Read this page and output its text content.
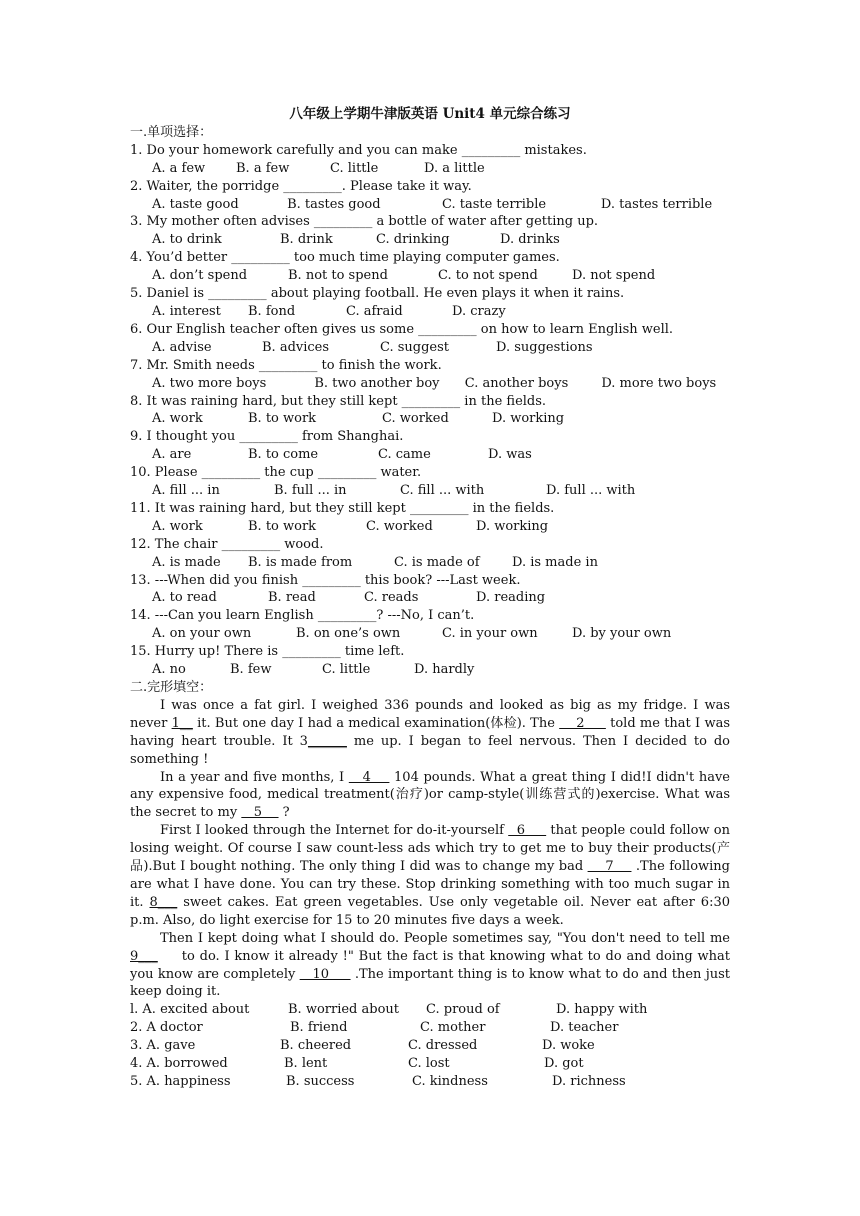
八年级上学期牛津版英语 Unit4 单元综合练习
一.单项选择：
1. Do your homework carefully and you can make _________ mistakes.
A. a few	B. a few	C. little	D. a little
2. Waiter, the porridge _________. Please take it way.
A. taste good	B. tastes good	C. taste terrible	D. tastes terrible
3. My mother often advises _________ a bottle of water after getting up.
A. to drink	B. drink	C. drinking	D. drinks
4. You’d better _________ too much time playing computer games.
A. don’t spend	B. not to spend	C. to not spend	D. not spend
5. Daniel is _________ about playing football. He even plays it when it rains.
A. interest	B. fond	C. afraid	D. crazy
6. Our English teacher often gives us some _________ on how to learn English well.
A. advise	B. advices	C. suggest	D. suggestions
7. Mr. Smith needs _________ to finish the work.
A. two more boys	B. two another boy	C. another boys	D. more two boys
8. It was raining hard, but they still kept _________ in the fields.
A. work	B. to work	C. worked	D. working
9. I thought you _________ from Shanghai.
A. are	B. to come	C. came	D. was
10. Please _________ the cup _________ water.
A. fill ... in	B. full ... in	C. fill ... with	D. full ... with
11. It was raining hard, but they still kept _________ in the fields.
A. work	B. to work	C. worked	D. working
12. The chair _________ wood.
A. is made	B. is made from	C. is made of	D. is made in
13. ---When did you finish _________ this book? ---Last week.
A. to read	B. read	C. reads	D. reading
14. ---Can you learn English _________? ---No, I can’t.
A. on your own	B. on one’s own	C. in your own	D. by your own
15. Hurry up! There is _________ time left.
A. no	B. few	C. little	D. hardly
二.完形填空：
I was once a fat girl. I weighed 336 pounds and looked as big as my fridge. I was never 1__ it. But one day I had a medical examination(体检). The     2      told me that I was having heart trouble. It 3______ me up. I began to feel nervous. Then I decided to do something !
In a year and five months, I    4     104 pounds. What a great thing I did!I didn't have any expensive food, medical treatment(治疗)or camp-style(训练营式的)exercise. What was the secret to my    5     ?
First I looked through the Internet for do-it-yourself   6      that people could follow on losing weight. Of course I saw count-less ads which try to get me to buy their products(产品).But I bought nothing. The only thing I did was to change my bad     7     .The following are what I have done. You can try these. Stop drinking something with too much sugar in it. 8___ sweet cakes. Eat green vegetables. Use only vegetable oil. Never eat after 6:30 p.m. Also, do light exercise for 15 to 20 minutes five days a week.
Then I kept doing what I should do. People sometimes say, "You don't need to tell me 9___     to do. I know it already !" But the fact is that knowing what to do and doing what you know are completely    10      .The important thing is to know what to do and then just keep doing it.
l. A. excited about	B. worried about	C. proud of	D. happy with
2. A doctor	B. friend	C. mother	D. teacher
3. A. gave	B. cheered	C. dressed	D. woke
4. A. borrowed	B. lent	C. lost	D. got
5. A. happiness	B. success	C. kindness	D. richness
